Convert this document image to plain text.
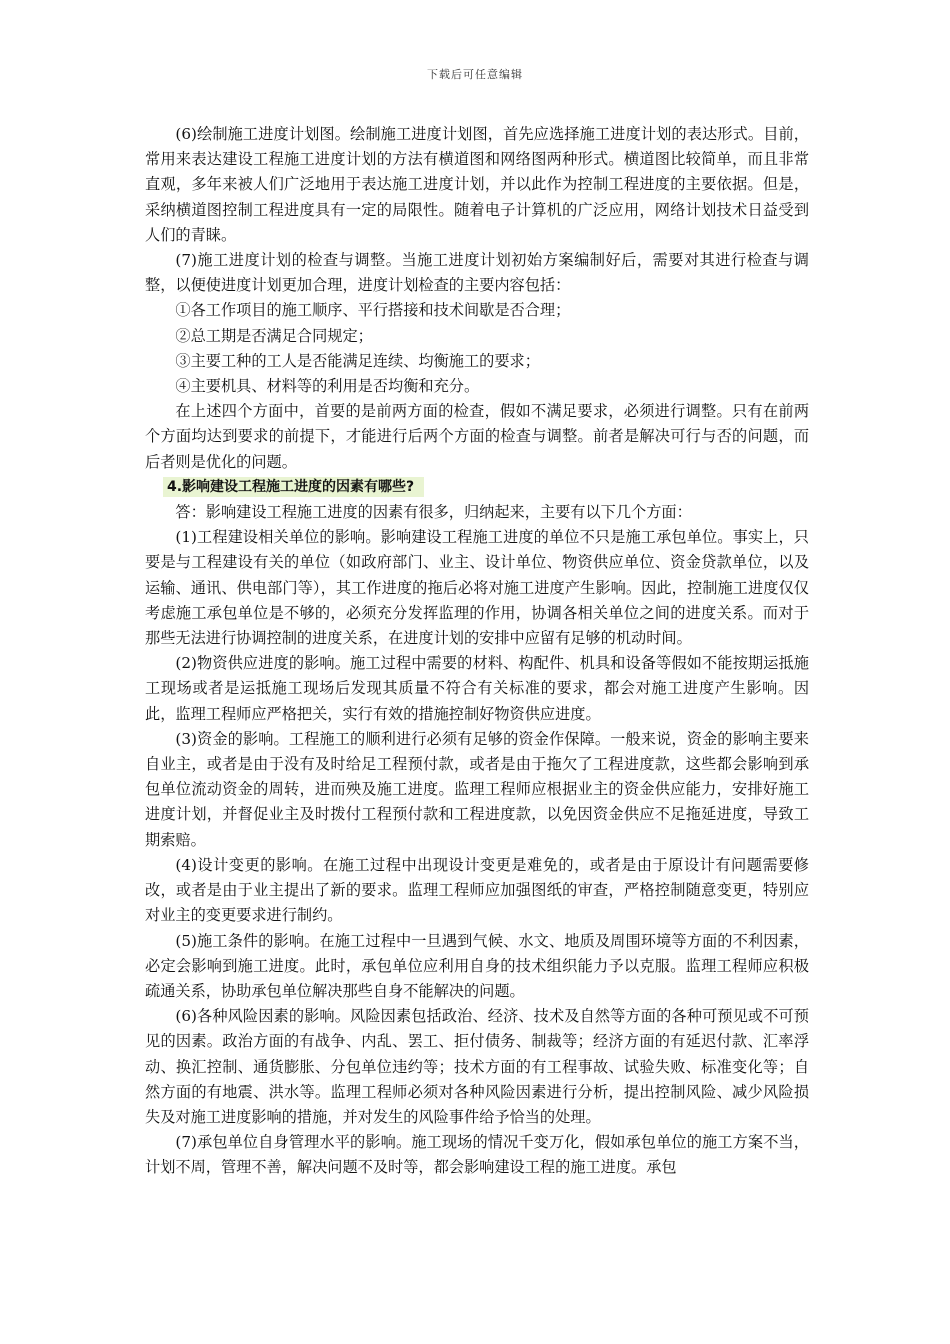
下载后可任意编辑

(6)绘制施工进度计划图。绘制施工进度计划图，首先应选择施工进度计划的表达形式。目前，常用来表达建设工程施工进度计划的方法有横道图和网络图两种形式。横道图比较简单，而且非常直观，多年来被人们广泛地用于表达施工进度计划，并以此作为控制工程进度的主要依据。但是，采纳横道图控制工程进度具有一定的局限性。随着电子计算机的广泛应用，网络计划技术日益受到人们的青睐。

(7)施工进度计划的检查与调整。当施工进度计划初始方案编制好后，需要对其进行检查与调整，以便使进度计划更加合理，进度计划检查的主要内容包括：

①各工作项目的施工顺序、平行搭接和技术间歇是否合理；

②总工期是否满足合同规定；

③主要工种的工人是否能满足连续、均衡施工的要求；

④主要机具、材料等的利用是否均衡和充分。

在上述四个方面中，首要的是前两方面的检查，假如不满足要求，必须进行调整。只有在前两个方面均达到要求的前提下，才能进行后两个方面的检查与调整。前者是解决可行与否的问题，而后者则是优化的问题。

4.影响建设工程施工进度的因素有哪些?

答：影响建设工程施工进度的因素有很多，归纳起来，主要有以下几个方面：

(1)工程建设相关单位的影响。影响建设工程施工进度的单位不只是施工承包单位。事实上，只要是与工程建设有关的单位（如政府部门、业主、设计单位、物资供应单位、资金贷款单位，以及运输、通讯、供电部门等），其工作进度的拖后必将对施工进度产生影响。因此，控制施工进度仅仅考虑施工承包单位是不够的，必须充分发挥监理的作用，协调各相关单位之间的进度关系。而对于那些无法进行协调控制的进度关系，在进度计划的安排中应留有足够的机动时间。

(2)物资供应进度的影响。施工过程中需要的材料、构配件、机具和设备等假如不能按期运抵施工现场或者是运抵施工现场后发现其质量不符合有关标准的要求，都会对施工进度产生影响。因此，监理工程师应严格把关，实行有效的措施控制好物资供应进度。

(3)资金的影响。工程施工的顺利进行必须有足够的资金作保障。一般来说，资金的影响主要来自业主，或者是由于没有及时给足工程预付款，或者是由于拖欠了工程进度款，这些都会影响到承包单位流动资金的周转，进而殃及施工进度。监理工程师应根据业主的资金供应能力，安排好施工进度计划，并督促业主及时拨付工程预付款和工程进度款，以免因资金供应不足拖延进度，导致工期索赔。

(4)设计变更的影响。在施工过程中出现设计变更是难免的，或者是由于原设计有问题需要修改，或者是由于业主提出了新的要求。监理工程师应加强图纸的审查，严格控制随意变更，特别应对业主的变更要求进行制约。

(5)施工条件的影响。在施工过程中一旦遇到气候、水文、地质及周围环境等方面的不利因素，必定会影响到施工进度。此时，承包单位应利用自身的技术组织能力予以克服。监理工程师应积极疏通关系，协助承包单位解决那些自身不能解决的问题。

(6)各种风险因素的影响。风险因素包括政治、经济、技术及自然等方面的各种可预见或不可预见的因素。政治方面的有战争、内乱、罢工、拒付债务、制裁等；经济方面的有延迟付款、汇率浮动、换汇控制、通货膨胀、分包单位违约等；技术方面的有工程事故、试验失败、标准变化等；自然方面的有地震、洪水等。监理工程师必须对各种风险因素进行分析，提出控制风险、减少风险损失及对施工进度影响的措施，并对发生的风险事件给予恰当的处理。

(7)承包单位自身管理水平的影响。施工现场的情况千变万化，假如承包单位的施工方案不当，计划不周，管理不善，解决问题不及时等，都会影响建设工程的施工进度。承包
